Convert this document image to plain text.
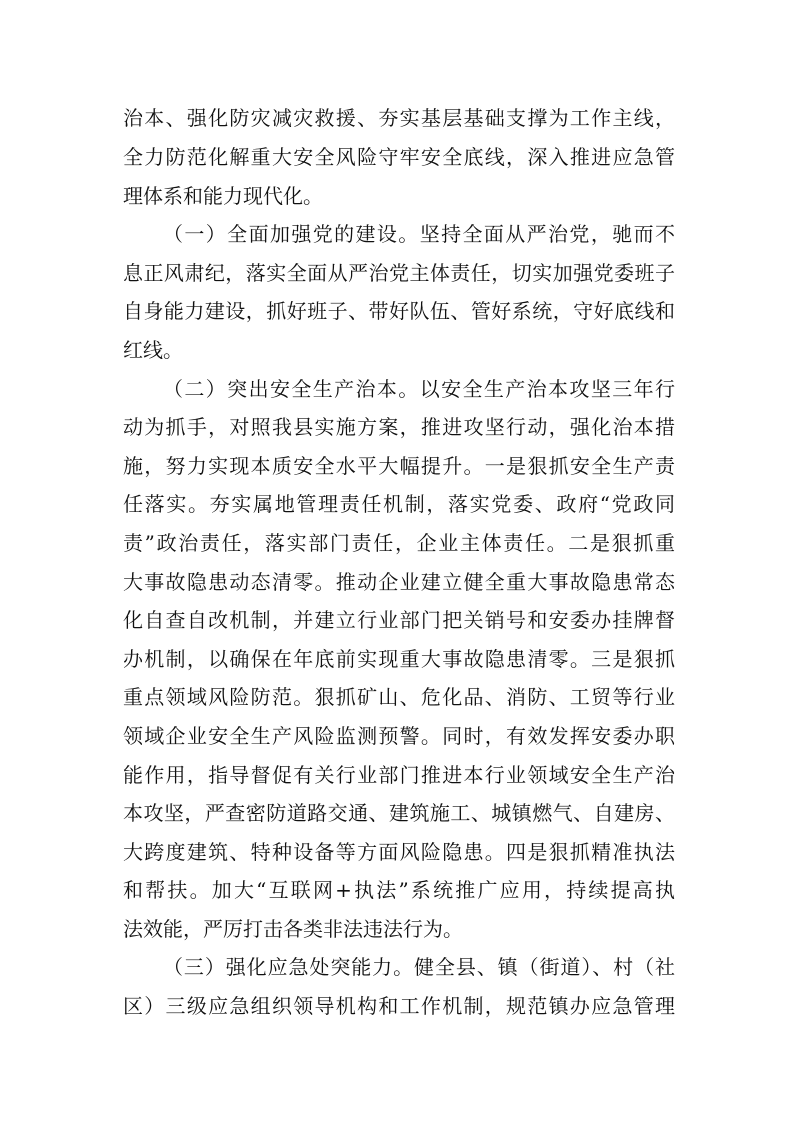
治本、强化防灾减灾救援、夯实基层基础支撑为工作主线，
全力防范化解重大安全风险守牢安全底线，深入推进应急管
理体系和能力现代化。
（一）全面加强党的建设。坚持全面从严治党，驰而不
息正风肃纪，落实全面从严治党主体责任，切实加强党委班子
自身能力建设，抓好班子、带好队伍、管好系统，守好底线和
红线。
（二）突出安全生产治本。以安全生产治本攻坚三年行
动为抓手，对照我县实施方案，推进攻坚行动，强化治本措
施，努力实现本质安全水平大幅提升。一是狠抓安全生产责
任落实。夯实属地管理责任机制，落实党委、政府“党政同
责”政治责任，落实部门责任，企业主体责任。二是狠抓重
大事故隐患动态清零。推动企业建立健全重大事故隐患常态
化自查自改机制，并建立行业部门把关销号和安委办挂牌督
办机制，以确保在年底前实现重大事故隐患清零。三是狠抓
重点领域风险防范。狠抓矿山、危化品、消防、工贸等行业
领域企业安全生产风险监测预警。同时，有效发挥安委办职
能作用，指导督促有关行业部门推进本行业领域安全生产治
本攻坚，严查密防道路交通、建筑施工、城镇燃气、自建房、
大跨度建筑、特种设备等方面风险隐患。四是狠抓精准执法
和帮扶。加大“互联网+执法”系统推广应用，持续提高执
法效能，严厉打击各类非法违法行为。
（三）强化应急处突能力。健全县、镇（街道）、村（社
区）三级应急组织领导机构和工作机制，规范镇办应急管理
